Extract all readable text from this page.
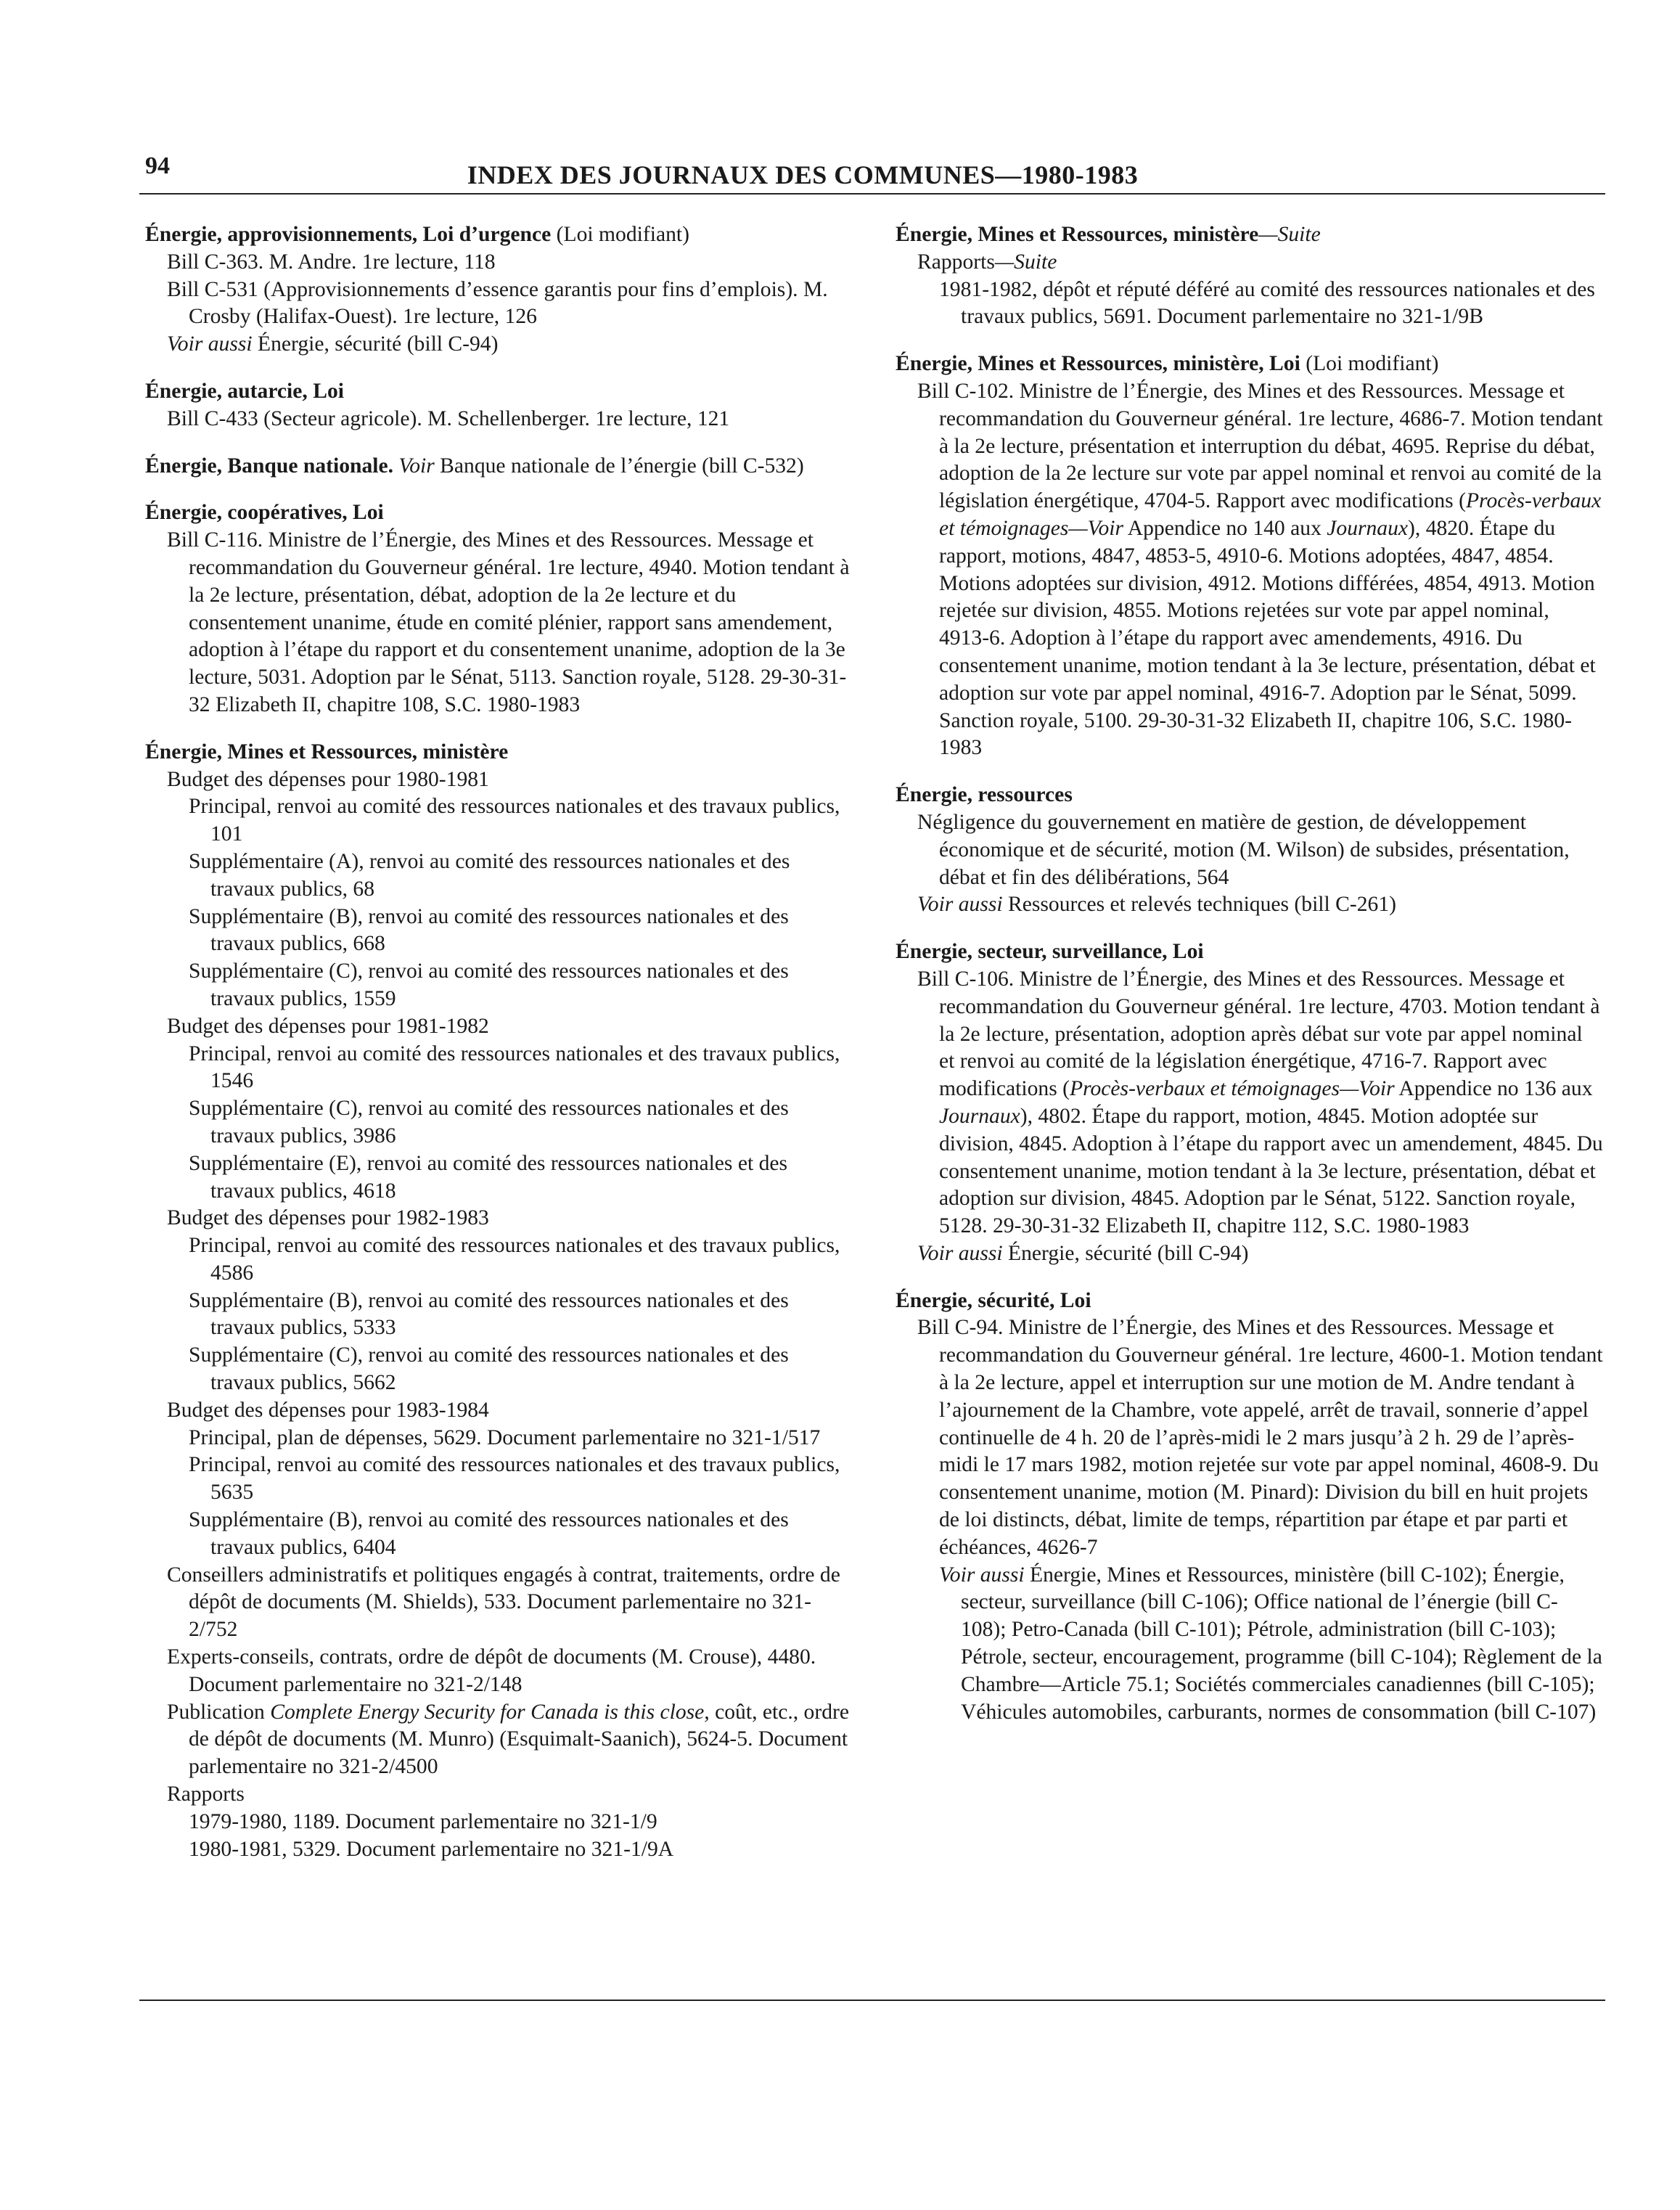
94	INDEX DES JOURNAUX DES COMMUNES—1980-1983
Énergie, approvisionnements, Loi d’urgence (Loi modifiant)
Bill C-363. M. Andre. 1re lecture, 118
Bill C-531 (Approvisionnements d’essence garantis pour fins d’emplois). M. Crosby (Halifax-Ouest). 1re lecture, 126
Voir aussi Énergie, sécurité (bill C-94)
Énergie, autarcie, Loi
Bill C-433 (Secteur agricole). M. Schellenberger. 1re lecture, 121
Énergie, Banque nationale. Voir Banque nationale de l’énergie (bill C-532)
Énergie, coopératives, Loi
Bill C-116. Ministre de l’Énergie, des Mines et des Ressources. Message et recommandation du Gouverneur général. 1re lecture, 4940. Motion tendant à la 2e lecture, présentation, débat, adoption de la 2e lecture et du consentement unanime, étude en comité plénier, rapport sans amendement, adoption à l’étape du rapport et du consentement unanime, adoption de la 3e lecture, 5031. Adoption par le Sénat, 5113. Sanction royale, 5128. 29-30-31-32 Elizabeth II, chapitre 108, S.C. 1980-1983
Énergie, Mines et Ressources, ministère
Budget des dépenses pour 1980-1981
Principal, renvoi au comité des ressources nationales et des travaux publics, 101
Supplémentaire (A), renvoi au comité des ressources nationales et des travaux publics, 68
Supplémentaire (B), renvoi au comité des ressources nationales et des travaux publics, 668
Supplémentaire (C), renvoi au comité des ressources nationales et des travaux publics, 1559
Budget des dépenses pour 1981-1982
Principal, renvoi au comité des ressources nationales et des travaux publics, 1546
Supplémentaire (C), renvoi au comité des ressources nationales et des travaux publics, 3986
Supplémentaire (E), renvoi au comité des ressources nationales et des travaux publics, 4618
Budget des dépenses pour 1982-1983
Principal, renvoi au comité des ressources nationales et des travaux publics, 4586
Supplémentaire (B), renvoi au comité des ressources nationales et des travaux publics, 5333
Supplémentaire (C), renvoi au comité des ressources nationales et des travaux publics, 5662
Budget des dépenses pour 1983-1984
Principal, plan de dépenses, 5629. Document parlementaire no 321-1/517
Principal, renvoi au comité des ressources nationales et des travaux publics, 5635
Supplémentaire (B), renvoi au comité des ressources nationales et des travaux publics, 6404
Conseillers administratifs et politiques engagés à contrat, traitements, ordre de dépôt de documents (M. Shields), 533. Document parlementaire no 321-2/752
Experts-conseils, contrats, ordre de dépôt de documents (M. Crouse), 4480. Document parlementaire no 321-2/148
Publication Complete Energy Security for Canada is this close, coût, etc., ordre de dépôt de documents (M. Munro) (Esquimalt-Saanich), 5624-5. Document parlementaire no 321-2/4500
Rapports
1979-1980, 1189. Document parlementaire no 321-1/9
1980-1981, 5329. Document parlementaire no 321-1/9A
Énergie, Mines et Ressources, ministère—Suite
Rapports—Suite
1981-1982, dépôt et réputé déféré au comité des ressources nationales et des travaux publics, 5691. Document parlementaire no 321-1/9B
Énergie, Mines et Ressources, ministère, Loi (Loi modifiant)
Bill C-102. Ministre de l’Énergie, des Mines et des Ressources. Message et recommandation du Gouverneur général. 1re lecture, 4686-7. Motion tendant à la 2e lecture, présentation et interruption du débat, 4695. Reprise du débat, adoption de la 2e lecture sur vote par appel nominal et renvoi au comité de la législation énergétique, 4704-5. Rapport avec modifications (Procès-verbaux et témoignages—Voir Appendice no 140 aux Journaux), 4820. Étape du rapport, motions, 4847, 4853-5, 4910-6. Motions adoptées, 4847, 4854. Motions adoptées sur division, 4912. Motions différées, 4854, 4913. Motion rejetée sur division, 4855. Motions rejetées sur vote par appel nominal, 4913-6. Adoption à l’étape du rapport avec amendements, 4916. Du consentement unanime, motion tendant à la 3e lecture, présentation, débat et adoption sur vote par appel nominal, 4916-7. Adoption par le Sénat, 5099. Sanction royale, 5100. 29-30-31-32 Elizabeth II, chapitre 106, S.C. 1980-1983
Énergie, ressources
Négligence du gouvernement en matière de gestion, de développement économique et de sécurité, motion (M. Wilson) de subsides, présentation, débat et fin des délibérations, 564
Voir aussi Ressources et relevés techniques (bill C-261)
Énergie, secteur, surveillance, Loi
Bill C-106. Ministre de l’Énergie, des Mines et des Ressources. Message et recommandation du Gouverneur général. 1re lecture, 4703. Motion tendant à la 2e lecture, présentation, adoption après débat sur vote par appel nominal et renvoi au comité de la législation énergétique, 4716-7. Rapport avec modifications (Procès-verbaux et témoignages—Voir Appendice no 136 aux Journaux), 4802. Étape du rapport, motion, 4845. Motion adoptée sur division, 4845. Adoption à l’étape du rapport avec un amendement, 4845. Du consentement unanime, motion tendant à la 3e lecture, présentation, débat et adoption sur division, 4845. Adoption par le Sénat, 5122. Sanction royale, 5128. 29-30-31-32 Elizabeth II, chapitre 112, S.C. 1980-1983
Voir aussi Énergie, sécurité (bill C-94)
Énergie, sécurité, Loi
Bill C-94. Ministre de l’Énergie, des Mines et des Ressources. Message et recommandation du Gouverneur général. 1re lecture, 4600-1. Motion tendant à la 2e lecture, appel et interruption sur une motion de M. Andre tendant à l’ajournement de la Chambre, vote appelé, arrêt de travail, sonnerie d’appel continuelle de 4 h. 20 de l’après-midi le 2 mars jusqu’à 2 h. 29 de l’après-midi le 17 mars 1982, motion rejetée sur vote par appel nominal, 4608-9. Du consentement unanime, motion (M. Pinard): Division du bill en huit projets de loi distincts, débat, limite de temps, répartition par étape et par parti et échéances, 4626-7
Voir aussi Énergie, Mines et Ressources, ministère (bill C-102); Énergie, secteur, surveillance (bill C-106); Office national de l’énergie (bill C-108); Petro-Canada (bill C-101); Pétrole, administration (bill C-103); Pétrole, secteur, encouragement, programme (bill C-104); Règlement de la Chambre—Article 75.1; Sociétés commerciales canadiennes (bill C-105); Véhicules automobiles, carburants, normes de consommation (bill C-107)
